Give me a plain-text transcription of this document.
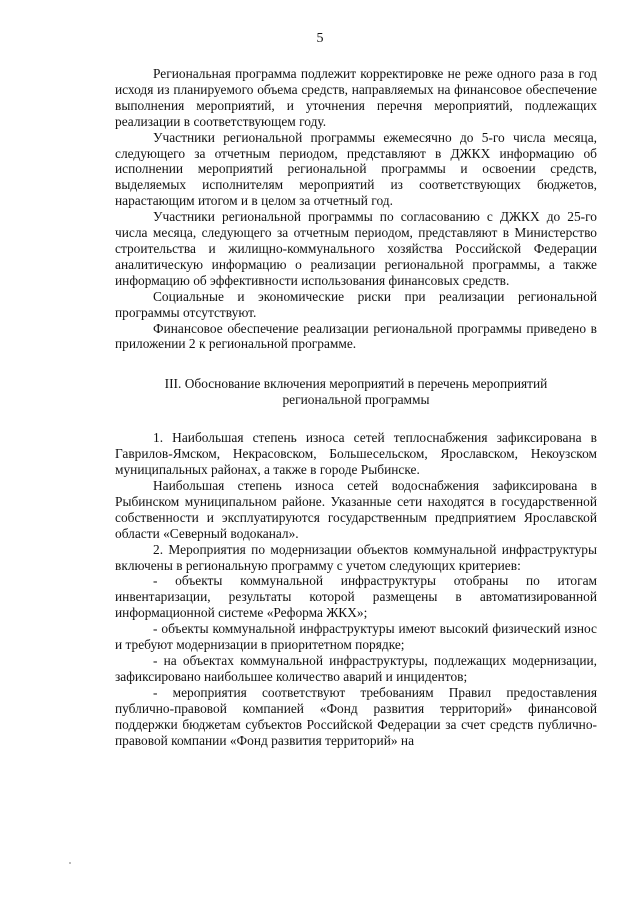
5

Региональная программа подлежит корректировке не реже одного раза в год исходя из планируемого объема средств, направляемых на финансовое обеспечение выполнения мероприятий, и уточнения перечня мероприятий, подлежащих реализации в соответствующем году.

Участники региональной программы ежемесячно до 5-го числа месяца, следующего за отчетным периодом, представляют в ДЖКХ информацию об исполнении мероприятий региональной программы и освоении средств, выделяемых исполнителям мероприятий из соответствующих бюджетов, нарастающим итогом и в целом за отчетный год.

Участники региональной программы по согласованию с ДЖКХ до 25-го числа месяца, следующего за отчетным периодом, представляют в Министерство строительства и жилищно-коммунального хозяйства Российской Федерации аналитическую информацию о реализации региональной программы, а также информацию об эффективности использования финансовых средств.

Социальные и экономические риски при реализации региональной программы отсутствуют.

Финансовое обеспечение реализации региональной программы приведено в приложении 2 к региональной программе.

III. Обоснование включения мероприятий в перечень мероприятий
региональной программы

1. Наибольшая степень износа сетей теплоснабжения зафиксирована в Гаврилов-Ямском, Некрасовском, Большесельском, Ярославском, Некоузском муниципальных районах, а также в городе Рыбинске.

Наибольшая степень износа сетей водоснабжения зафиксирована в Рыбинском муниципальном районе. Указанные сети находятся в государственной собственности и эксплуатируются государственным предприятием Ярославской области «Северный водоканал».

2. Мероприятия по модернизации объектов коммунальной инфраструктуры включены в региональную программу с учетом следующих критериев:

- объекты коммунальной инфраструктуры отобраны по итогам инвентаризации, результаты которой размещены в автоматизированной информационной системе «Реформа ЖКХ»;

- объекты коммунальной инфраструктуры имеют высокий физический износ и требуют модернизации в приоритетном порядке;

- на объектах коммунальной инфраструктуры, подлежащих модернизации, зафиксировано наибольшее количество аварий и инцидентов;

- мероприятия соответствуют требованиям Правил предоставления публично-правовой компанией «Фонд развития территорий» финансовой поддержки бюджетам субъектов Российской Федерации за счет средств публично-правовой компании «Фонд развития территорий» на
